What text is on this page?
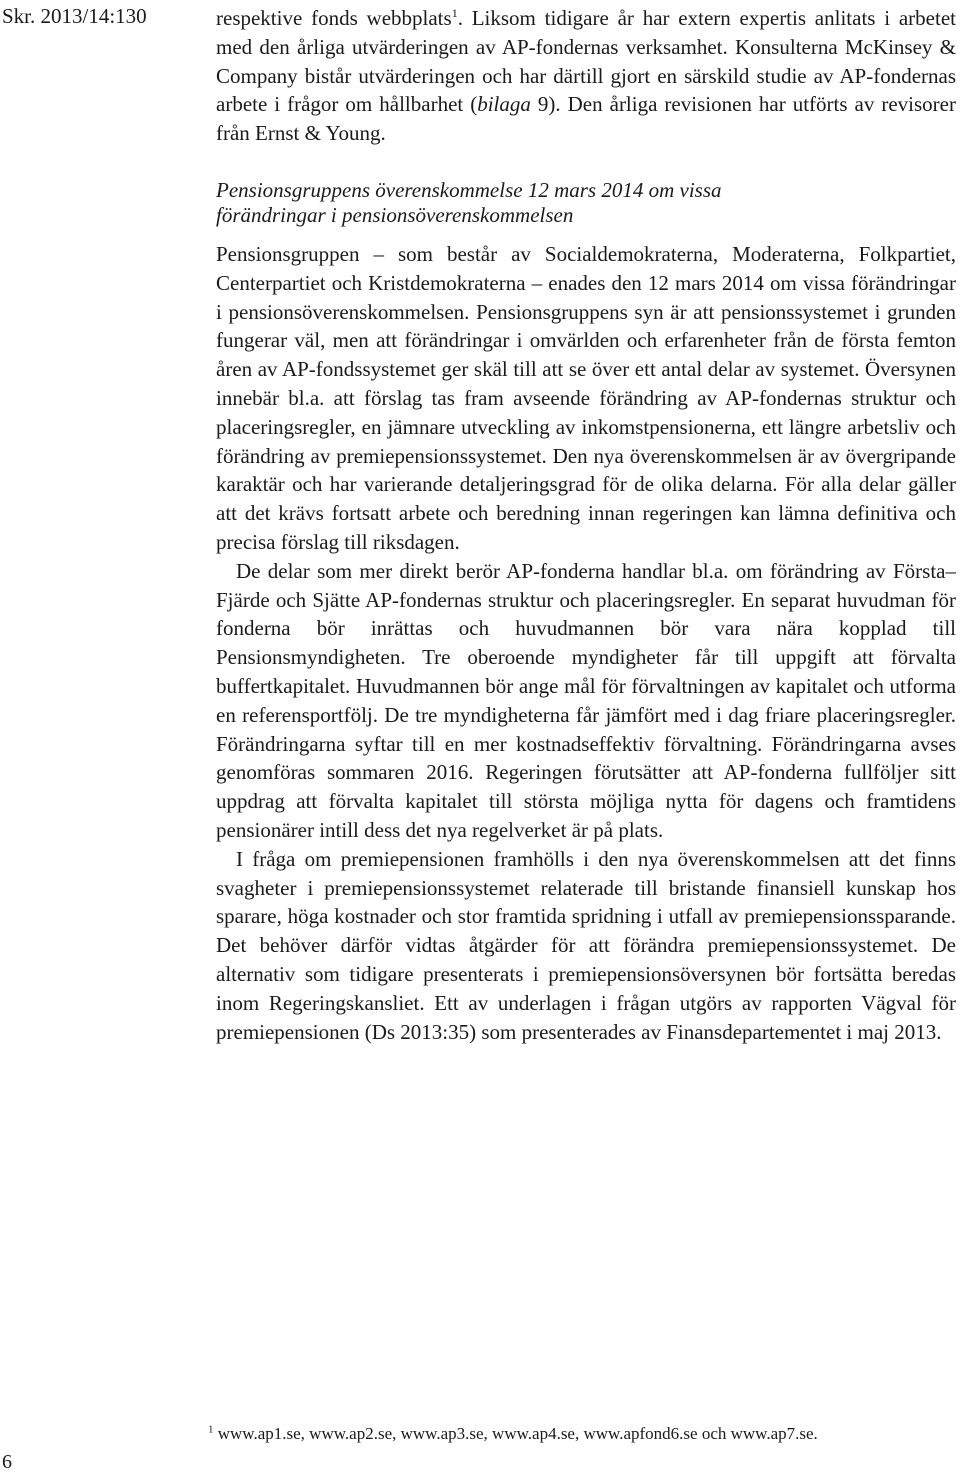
Skr. 2013/14:130	respektive fonds webbplats$^1$. Liksom tidigare år har extern expertis anlitats i arbetet med den årliga utvärderingen av AP-fondernas verksamhet. Konsulterna McKinsey & Company bistår utvärderingen och har därtill gjort en särskild studie av AP-fondernas arbete i frågor om hållbarhet (bilaga 9). Den årliga revisionen har utförts av revisorer från Ernst & Young.

Pensionsgruppens överenskommelse 12 mars 2014 om vissa
förändringar i pensionsöverenskommelsen

Pensionsgruppen – som består av Socialdemokraterna, Moderaterna, Folkpartiet, Centerpartiet och Kristdemokraterna – enades den 12 mars 2014 om vissa förändringar i pensionsöverenskommelsen. Pensionsgruppens syn är att pensionssystemet i grunden fungerar väl, men att förändringar i omvärlden och erfarenheter från de första femton åren av AP-fondssystemet ger skäl till att se över ett antal delar av systemet. Översynen innebär bl.a. att förslag tas fram avseende förändring av AP-fondernas struktur och placeringsregler, en jämnare utveckling av inkomstpensionerna, ett längre arbetsliv och förändring av premiepensionssystemet. Den nya överenskommelsen är av övergripande karaktär och har varierande detaljeringsgrad för de olika delarna. För alla delar gäller att det krävs fortsatt arbete och beredning innan regeringen kan lämna definitiva och precisa förslag till riksdagen.

De delar som mer direkt berör AP-fonderna handlar bl.a. om förändring av Första–Fjärde och Sjätte AP-fondernas struktur och placeringsregler. En separat huvudman för fonderna bör inrättas och huvudmannen bör vara nära kopplad till Pensionsmyndigheten. Tre oberoende myndigheter får till uppgift att förvalta buffertkapitalet. Huvudmannen bör ange mål för förvaltningen av kapitalet och utforma en referensportfölj. De tre myndigheterna får jämfört med i dag friare placeringsregler. Förändringarna syftar till en mer kostnadseffektiv förvaltning. Förändringarna avses genomföras sommaren 2016. Regeringen förutsätter att AP-fonderna fullföljer sitt uppdrag att förvalta kapitalet till största möjliga nytta för dagens och framtidens pensionärer intill dess det nya regelverket är på plats.

I fråga om premiepensionen framhölls i den nya överenskommelsen att det finns svagheter i premiepensionssystemet relaterade till bristande finansiell kunskap hos sparare, höga kostnader och stor framtida spridning i utfall av premiepensionssparande. Det behöver därför vidtas åtgärder för att förändra premiepensionssystemet. De alternativ som tidigare presenterats i premiepensionsöversynen bör fortsätta beredas inom Regeringskansliet. Ett av underlagen i frågan utgörs av rapporten Vägval för premiepensionen (Ds 2013:35) som presenterades av Finansdepartementet i maj 2013.

6
$^1$ www.ap1.se, www.ap2.se, www.ap3.se, www.ap4.se, www.apfond6.se och www.ap7.se.
